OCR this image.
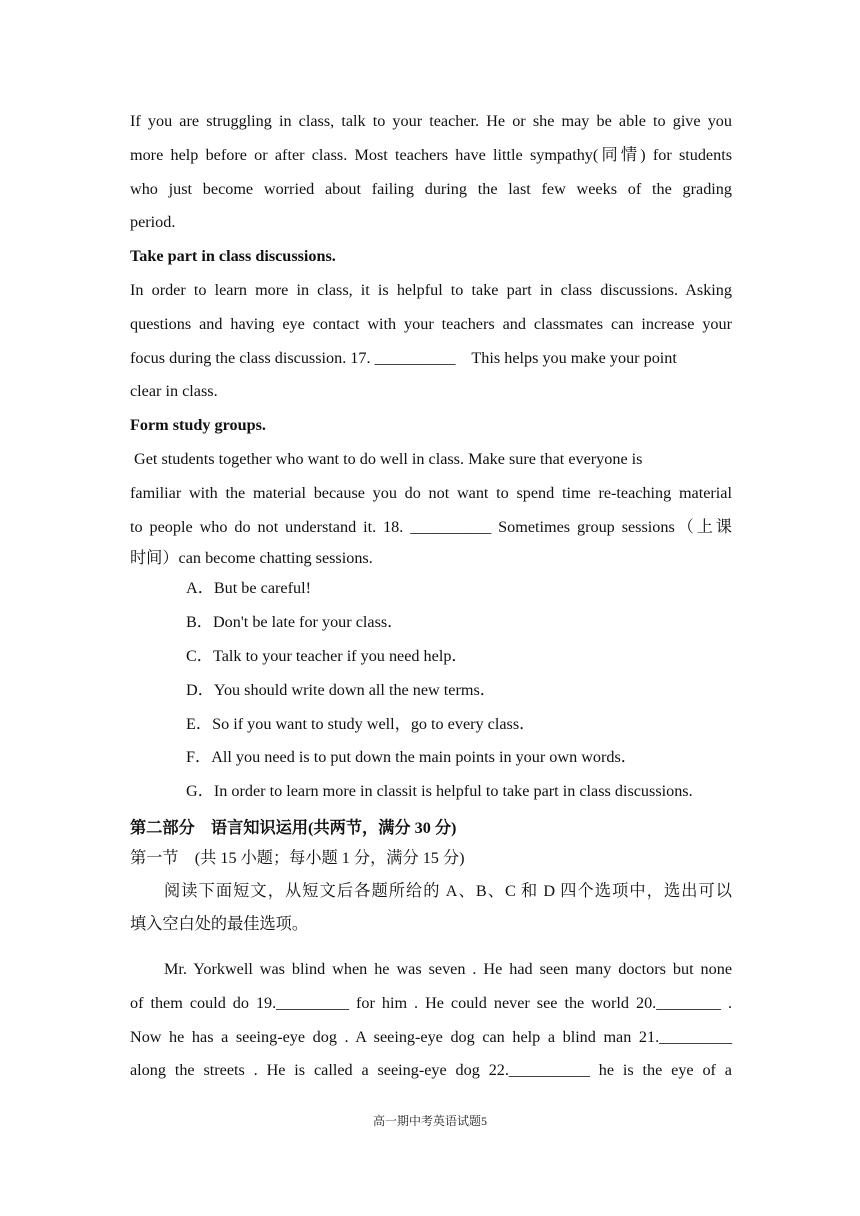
If you are struggling in class, talk to your teacher. He or she may be able to give you
more help before or after class. Most teachers have little sympathy(同情) for students
who just become worried about failing during the last few weeks of the grading
period.
Take part in class discussions.
In order to learn more in class, it is helpful to take part in class discussions. Asking
questions and having eye contact with your teachers and classmates can increase your
focus during the class discussion. 17. __________    This helps you make your point
clear in class.
Form study groups.
Get students together who want to do well in class. Make sure that everyone is
familiar with the material because you do not want to spend time re-teaching material
to people who do not understand it. 18. __________ Sometimes group sessions（上课
时间）can become chatting sessions.
A．But be careful!
B．Don't be late for your class．
C．Talk to your teacher if you need help．
D．You should write down all the new terms．
E．So if you want to study well，go to every class．
F．All you need is to put down the main points in your own words．
G．In order to learn more in classit is helpful to take part in class discussions.
第二部分　语言知识运用(共两节，满分 30 分)
第一节　(共 15 小题；每小题 1 分，满分 15 分)
阅读下面短文，从短文后各题所给的 A、B、C 和 D 四个选项中，选出可以
填入空白处的最佳选项。
Mr. Yorkwell was blind when he was seven . He had seen many doctors but none
of them could do 19._________ for him . He could never see the world 20.________ .
Now he has a seeing-eye dog . A seeing-eye dog can help a blind man 21._________
along the streets . He is called a seeing-eye dog 22.__________ he is the eye of a
高一期中考英语试题5
